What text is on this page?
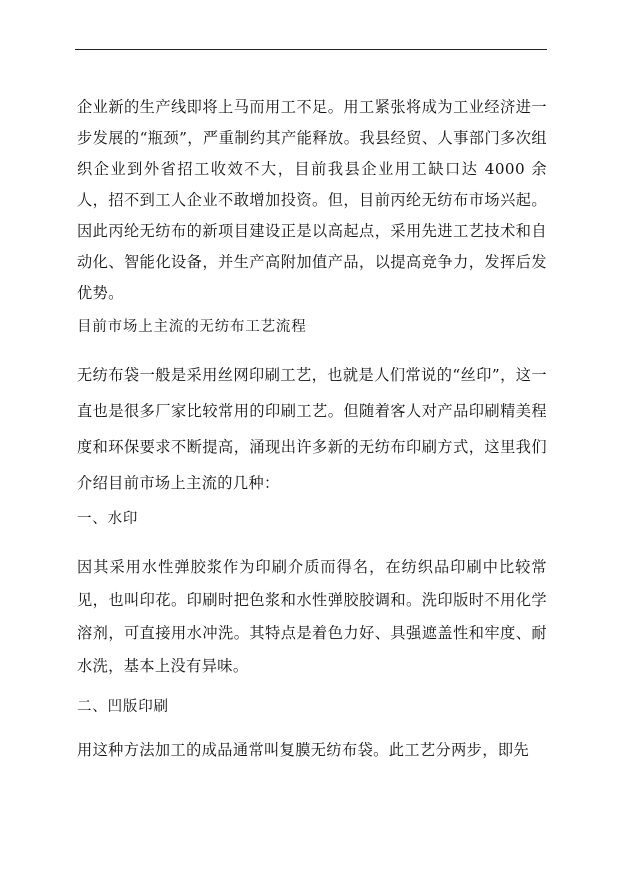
企业新的生产线即将上马而用工不足。用工紧张将成为工业经济进一步发展的“瓶颈”，严重制约其产能释放。我县经贸、人事部门多次组织企业到外省招工收效不大，目前我县企业用工缺口达 4000 余人，招不到工人企业不敢增加投资。但，目前丙纶无纺布市场兴起。因此丙纶无纺布的新项目建设正是以高起点，采用先进工艺技术和自动化、智能化设备，并生产高附加值产品，以提高竞争力，发挥后发优势。

目前市场上主流的无纺布工艺流程

无纺布袋一般是采用丝网印刷工艺，也就是人们常说的“丝印”，这一直也是很多厂家比较常用的印刷工艺。但随着客人对产品印刷精美程度和环保要求不断提高，涌现出许多新的无纺布印刷方式，这里我们介绍目前市场上主流的几种：

一、水印

因其采用水性弹胶浆作为印刷介质而得名，在纺织品印刷中比较常见，也叫印花。印刷时把色浆和水性弹胶胶调和。洗印版时不用化学溶剂，可直接用水冲洗。其特点是着色力好、具强遮盖性和牢度、耐水洗，基本上没有异味。

二、凹版印刷

用这种方法加工的成品通常叫复膜无纺布袋。此工艺分两步，即先
